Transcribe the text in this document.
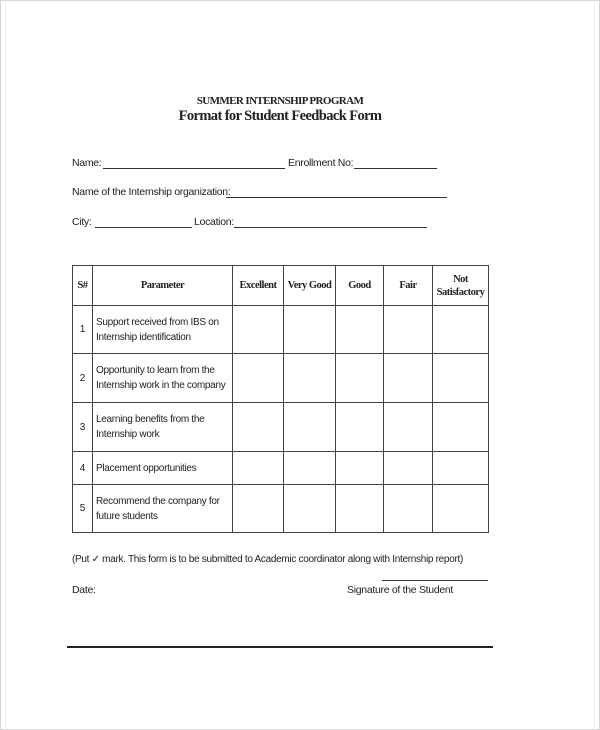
SUMMER INTERNSHIP PROGRAM
Format for Student Feedback Form
Name:	Enrollment No:
Name of the Internship organization:
City:	Location:
S#	Parameter	Excellent	Very Good	Good	Fair	Not Satisfactory
1	Support received from IBS on Internship identification					
2	Opportunity to learn from the Internship work in the company					
3	Learning benefits from the Internship work					
4	Placement opportunities					
5	Recommend the company for future students					
(Put ✓ mark. This form is to be submitted to Academic coordinator along with Internship report)
Date:	Signature of the Student
